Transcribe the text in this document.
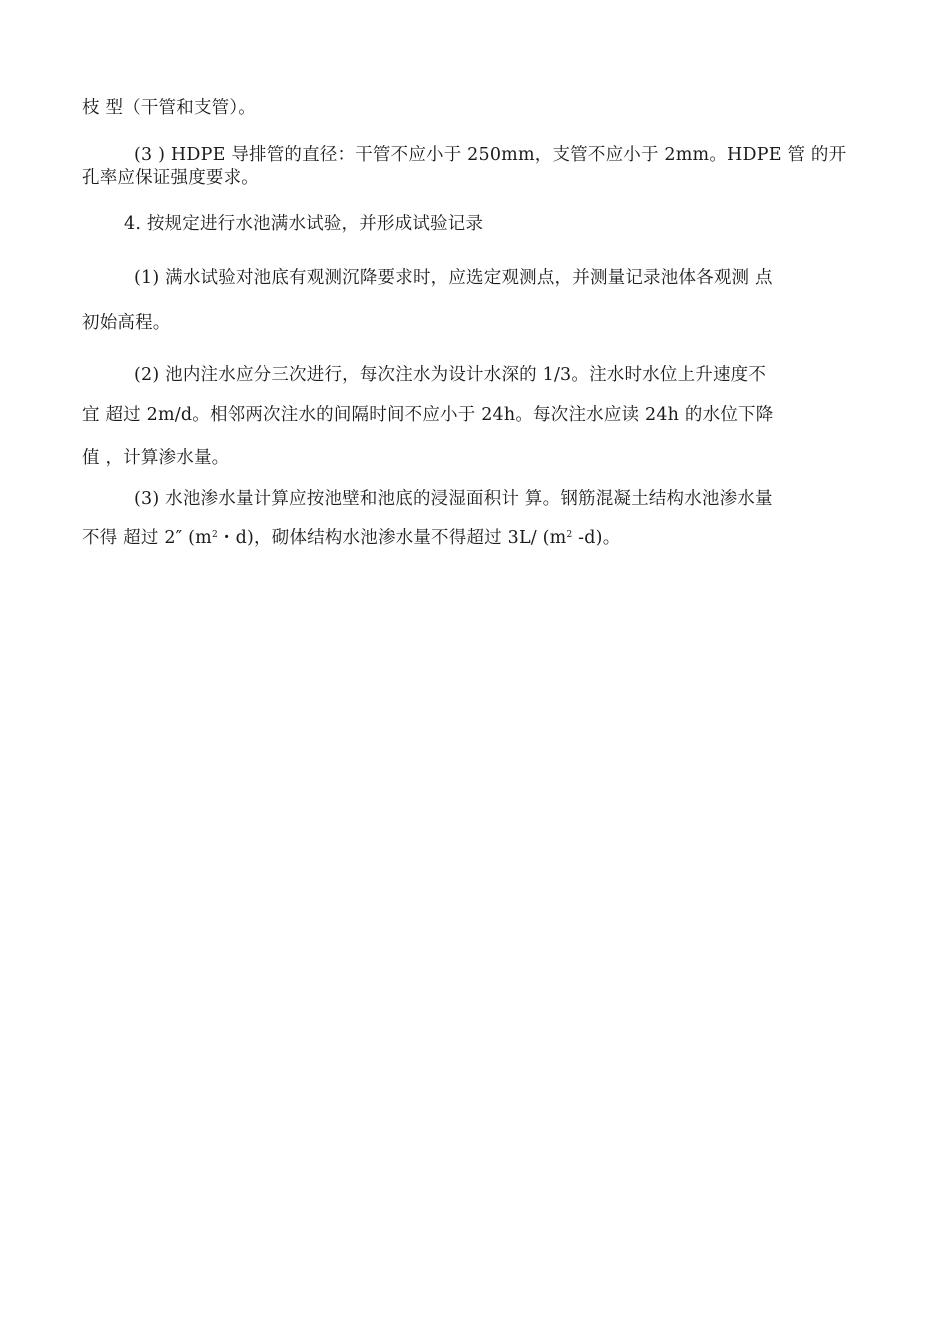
枝 型（干管和支管）。
(3 ) HDPE 导排管的直径：干管不应小于 250mm，支管不应小于 2mm。HDPE 管 的开
孔率应保证强度要求。
4. 按规定进行水池满水试验，并形成试验记录
(1) 满水试验对池底有观测沉降要求时，应选定观测点，并测量记录池体各观测 点
初始高程。
(2) 池内注水应分三次进行，每次注水为设计水深的 1/3。注水时水位上升速度不
宜 超过 2m/d。相邻两次注水的间隔时间不应小于 24h。每次注水应读 24h 的水位下降
值 ，计算渗水量。
(3) 水池渗水量计算应按池壁和池底的浸湿面积计 算。钢筋混凝土结构水池渗水量
不得 超过 2″ ($m^2$・d)，砌体结构水池渗水量不得超过 3L/ ($m^2$ -d)。
